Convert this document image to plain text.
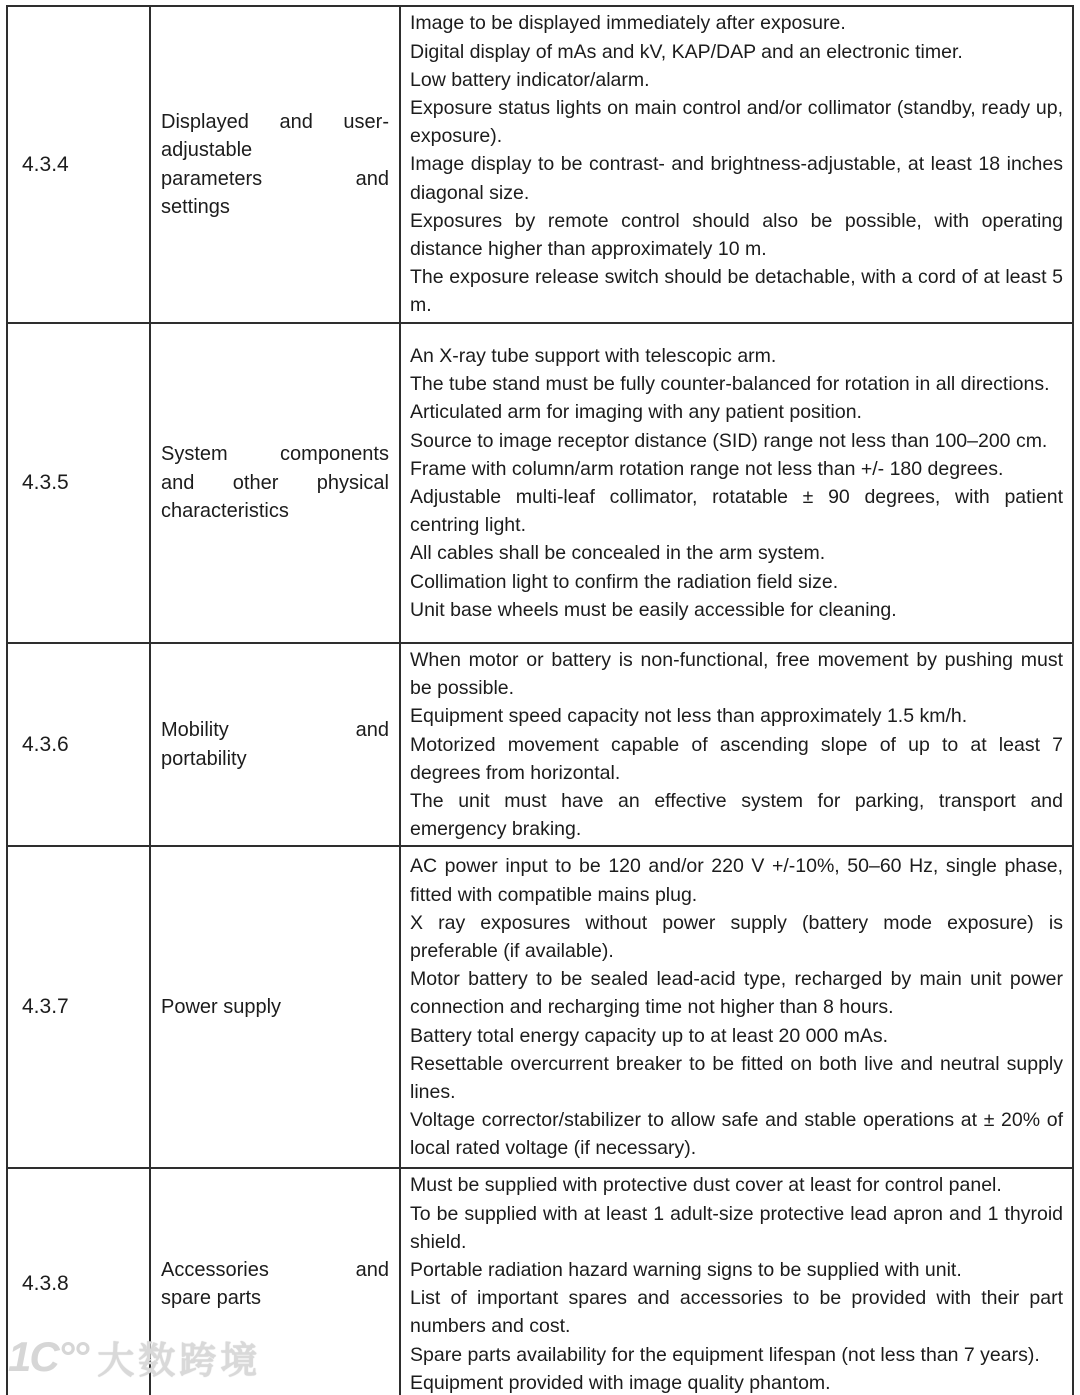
4.3.4	
Displayed and user-
adjustable
parameters and
settings

Image to be displayed immediately after exposure.
Digital display of mAs and kV, KAP/DAP and an electronic timer.
Low battery indicator/alarm.
Exposure status lights on main control and/or collimator (standby, ready up, exposure).
Image display to be contrast- and brightness-adjustable, at least 18 inches diagonal size.
Exposures by remote control should also be possible, with operating distance higher than approximately 10 m.
The exposure release switch should be detachable, with a cord of at least 5 m.

4.3.5	
System components
and other physical
characteristics

An X-ray tube support with telescopic arm.
The tube stand must be fully counter-balanced for rotation in all directions.
Articulated arm for imaging with any patient position.
Source to image receptor distance (SID) range not less than 100–200 cm.
Frame with column/arm rotation range not less than +/- 180 degrees.
Adjustable multi-leaf collimator, rotatable ± 90 degrees, with patient centring light.
All cables shall be concealed in the arm system.
Collimation light to confirm the radiation field size.
Unit base wheels must be easily accessible for cleaning.

4.3.6	
Mobility and
portability

When motor or battery is non-functional, free movement by pushing must be possible.
Equipment speed capacity not less than approximately 1.5 km/h.
Motorized movement capable of ascending slope of up to at least 7 degrees from horizontal.
The unit must have an effective system for parking, transport and emergency braking.

4.3.7	Power supply

AC power input to be 120 and/or 220 V +/-10%, 50–60 Hz, single phase, fitted with compatible mains plug.
X ray exposures without power supply (battery mode exposure) is preferable (if available).
Motor battery to be sealed lead-acid type, recharged by main unit power connection and recharging time not higher than 8 hours.
Battery total energy capacity up to at least 20 000 mAs.
Resettable overcurrent breaker to be fitted on both live and neutral supply lines.
Voltage corrector/stabilizer to allow safe and stable operations at ± 20% of local rated voltage (if necessary).

4.3.8	
Accessories and
spare parts

Must be supplied with protective dust cover at least for control panel.
To be supplied with at least 1 adult-size protective lead apron and 1 thyroid shield.
Portable radiation hazard warning signs to be supplied with unit.
List of important spares and accessories to be provided with their part numbers and cost.
Spare parts availability for the equipment lifespan (not less than 7 years).
Equipment provided with image quality phantom.
1C°° 大数跨境
